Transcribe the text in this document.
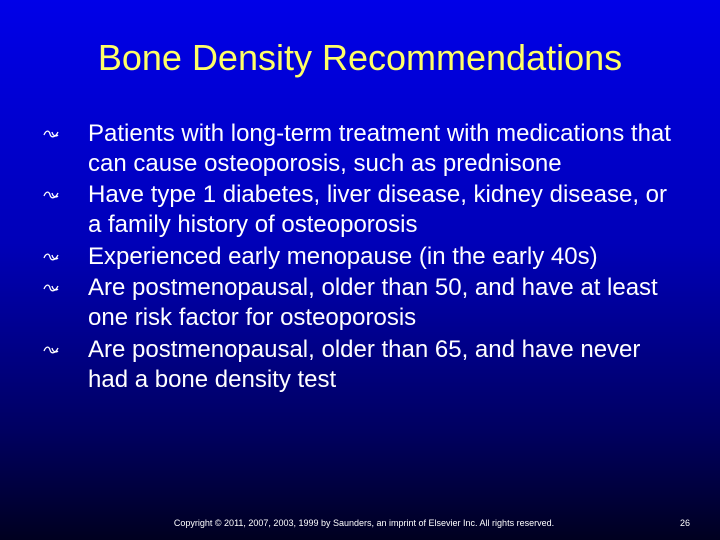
Bone Density Recommendations
Patients with long-term treatment with medications that can cause osteoporosis, such as prednisone
Have type 1 diabetes, liver disease, kidney disease, or a family history of osteoporosis
Experienced early menopause (in the early 40s)
Are postmenopausal, older than 50, and have at least one risk factor for osteoporosis
Are postmenopausal, older than 65, and have never had a bone density test
Copyright © 2011, 2007, 2003, 1999 by Saunders, an imprint of Elsevier Inc. All rights reserved.	26
